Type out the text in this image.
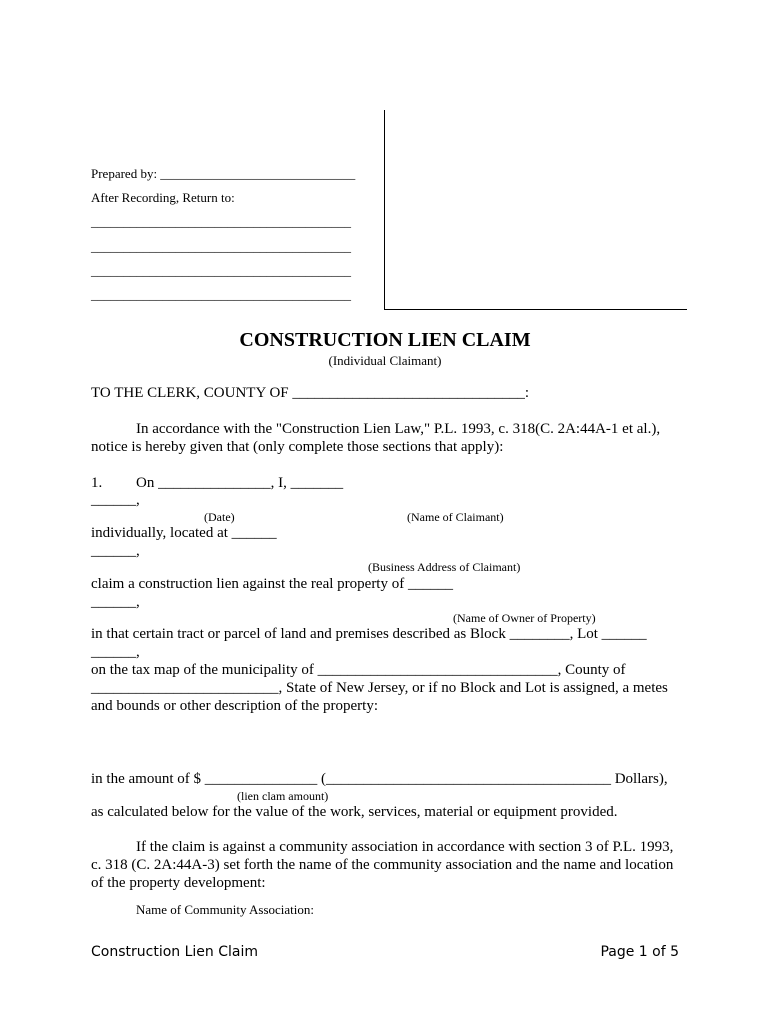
Prepared by: ______________________________
After Recording, Return to:
________________________________________
________________________________________
________________________________________
________________________________________
CONSTRUCTION LIEN CLAIM
(Individual Claimant)
TO THE CLERK, COUNTY OF _______________________________:
In accordance with the "Construction Lien Law," P.L. 1993, c. 318(C. 2A:44A-1 et al.),
notice is hereby given that (only complete those sections that apply):
1. On _______________, I, _______
______,
(Date)	(Name of Claimant)
individually, located at ______
______,
(Business Address of Claimant)
claim a construction lien against the real property of ______
______,
(Name of Owner of Property)
in that certain tract or parcel of land and premises described as Block ________, Lot ______
______,
on the tax map of the municipality of ________________________________, County of
_________________________, State of New Jersey, or if no Block and Lot is assigned, a metes
and bounds or other description of the property:
in the amount of $ _______________ (______________________________________ Dollars),
(lien clam amount)
as calculated below for the value of the work, services, material or equipment provided.
If the claim is against a community association in accordance with section 3 of P.L. 1993,
c. 318 (C. 2A:44A-3) set forth the name of the community association and the name and location
of the property development:
Name of Community Association:
Construction Lien Claim	Page 1 of 5
